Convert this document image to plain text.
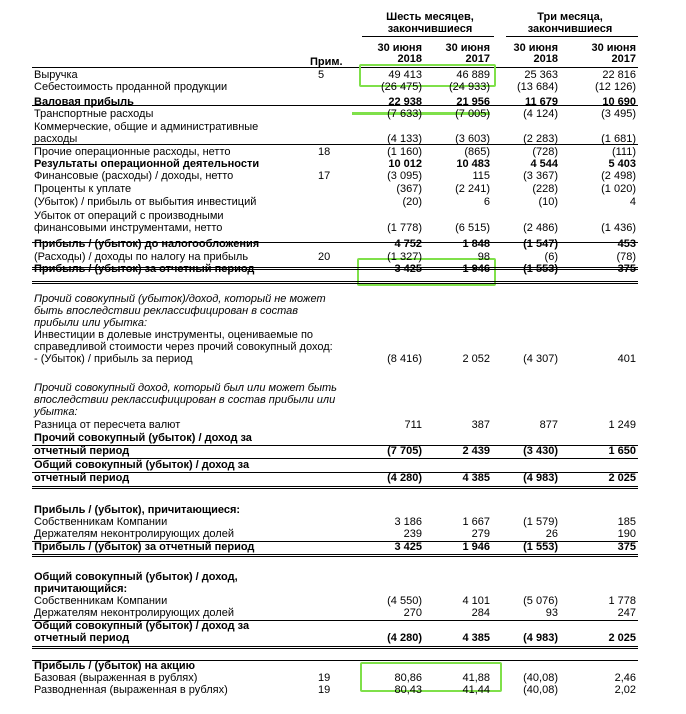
Шесть месяцев,
закончившиеся
Три месяца,
закончившиеся
30 июня	30 июня	30 июня	30 июня
2018	2017	2018	2017
Прим.
Выручка	5	49 413	46 889	25 363	22 816
Себестоимость проданной продукции	(26 475)	(24 933)	(13 684)	(12 126)
Валовая прибыль	22 938	21 956	11 679	10 690
Транспортные расходы	(7 633)	(7 005)	(4 124)	(3 495)
Коммерческие, общие и административные
расходы	(4 133)	(3 603)	(2 283)	(1 681)
Прочие операционные расходы, нетто	18	(1 160)	(865)	(728)	(111)
Результаты операционной деятельности	10 012	10 483	4 544	5 403
Финансовые (расходы) / доходы, нетто	17	(3 095)	115	(3 367)	(2 498)
Проценты к уплате	(367)	(2 241)	(228)	(1 020)
(Убыток) / прибыль от выбытия инвестиций	(20)	6	(10)	4
Убыток от операций с производными
финансовыми инструментами, нетто	(1 778)	(6 515)	(2 486)	(1 436)
Прибыль / (убыток) до налогообложения	4 752	1 848	(1 547)	453
(Расходы) / доходы по налогу на прибыль	20	(1 327)	98	(6)	(78)
Прибыль / (убыток) за отчетный период	3 425	1 946	(1 553)	375
Прочий совокупный (убыток)/доход, который не может
быть впоследствии реклассифицирован в состав
прибыли или убытка:
Инвестиции в долевые инструменты, оцениваемые по
справедливой стоимости через прочий совокупный доход:
- (Убыток) / прибыль за период	(8 416)	2 052	(4 307)	401
Прочий совокупный доход, который был или может быть
впоследствии реклассифицирован в состав прибыли или
убытка:
Разница от пересчета валют	711	387	877	1 249
Прочий совокупный (убыток) / доход за
отчетный период	(7 705)	2 439	(3 430)	1 650
Общий совокупный (убыток) / доход за
отчетный период	(4 280)	4 385	(4 983)	2 025
Прибыль / (убыток), причитающиеся:
Собственникам Компании	3 186	1 667	(1 579)	185
Держателям неконтролирующих долей	239	279	26	190
Прибыль / (убыток) за отчетный период	3 425	1 946	(1 553)	375
Общий совокупный (убыток) / доход,
причитающийся:
Собственникам Компании	(4 550)	4 101	(5 076)	1 778
Держателям неконтролирующих долей	270	284	93	247
Общий совокупный (убыток) / доход за
отчетный период	(4 280)	4 385	(4 983)	2 025
Прибыль / (убыток) на акцию
Базовая (выраженная в рублях)	19	80,86	41,88	(40,08)	2,46
Разводненная (выраженная в рублях)	19	80,43	41,44	(40,08)	2,02
